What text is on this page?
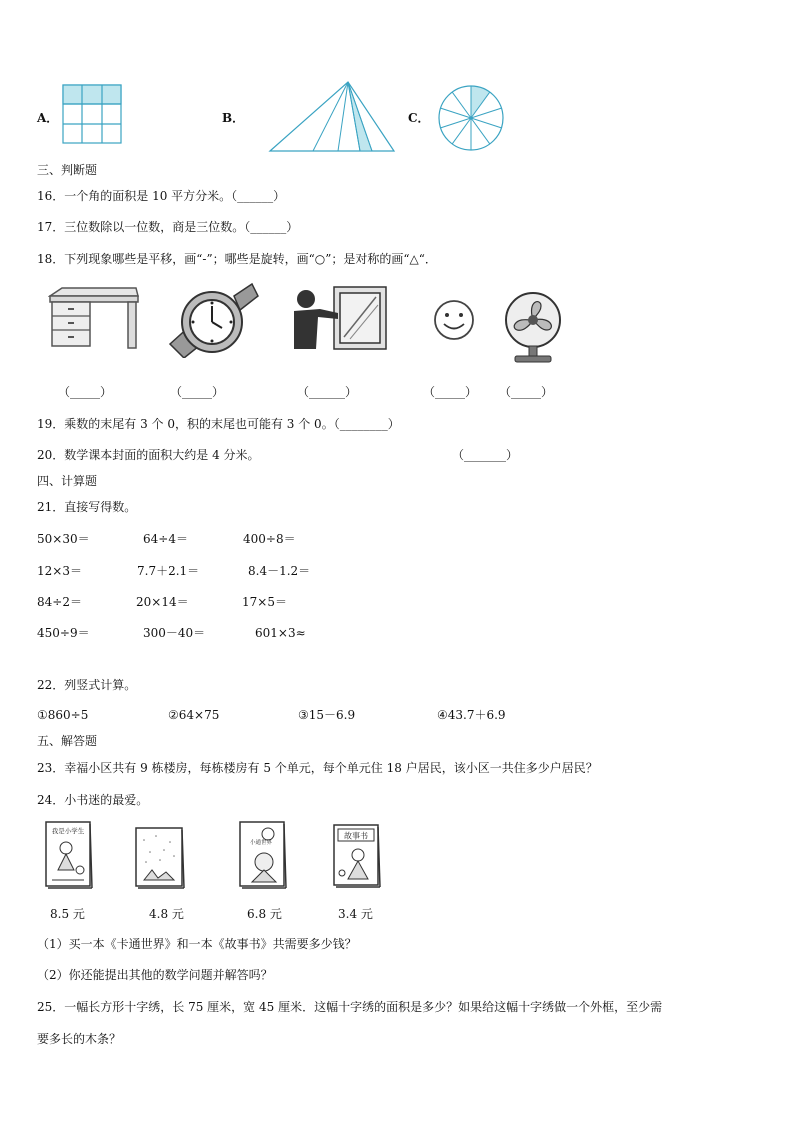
A．	B．	C．
三、判断题
16．一个角的面积是 10 平方分米。（______）
17．三位数除以一位数，商是三位数。（______）
18．下列现象哪些是平移，画“-”；哪些是旋转，画“○”；是对称的画“△“．
（_____）	（_____）	（______）	（_____） （_____）
19．乘数的末尾有 3 个 0，积的末尾也可能有 3 个 0。（________）
20．数学课本封面的面积大约是 4 分米。	（_______）
四、计算题
21．直接写得数。
50×30＝	64÷4＝	400÷8＝
12×3＝	7.7＋2.1＝	8.4－1.2＝
84÷2＝	20×14＝	17×5＝
450÷9＝	300－40＝	601×3≈
22．列竖式计算。
①860÷5	②64×75	③15－6.9	④43.7＋6.9
五、解答题
23．幸福小区共有 9 栋楼房，每栋楼房有 5 个单元，每个单元住 18 户居民，该小区一共住多少户居民？
24．小书迷的最爱。
我是小学生
小通世界
故事书
8.5 元	4.8 元	6.8 元	3.4 元
（1）买一本《卡通世界》和一本《故事书》共需要多少钱？
（2）你还能提出其他的数学问题并解答吗？
25．一幅长方形十字绣，长 75 厘米，宽 45 厘米．这幅十字绣的面积是多少？如果给这幅十字绣做一个外框，至少需
要多长的木条？
